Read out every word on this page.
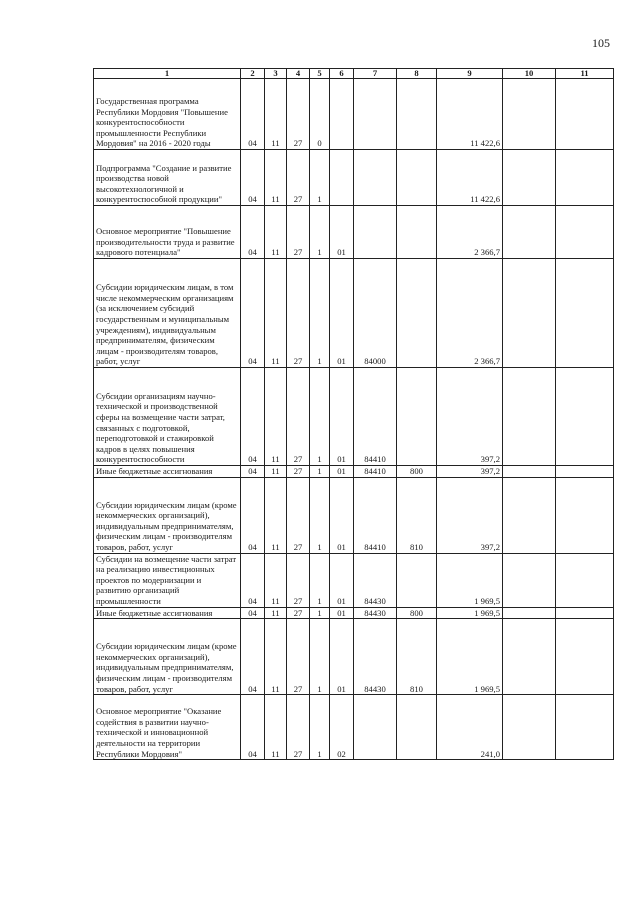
105
1	2	3	4	5	6	7	8	9	10	11
Государственная программа Республики Мордовия "Повышение конкурентоспособности промышленности Республики Мордовия" на 2016 - 2020 годы	04	11	27	0				11 422,6		
Подпрограмма "Создание и развитие производства новой высокотехнологичной и конкурентоспособной продукции"	04	11	27	1				11 422,6		
Основное мероприятие "Повышение производительности труда и развитие кадрового потенциала"	04	11	27	1	01			2 366,7		
Субсидии юридическим лицам, в том числе некоммерческим организациям (за исключением субсидий государственным и муниципальным учреждениям), индивидуальным предпринимателям, физическим лицам - производителям товаров, работ, услуг	04	11	27	1	01	84000		2 366,7		
Субсидии организациям научно-технической и производственной сферы на возмещение части затрат, связанных с подготовкой, переподготовкой и стажировкой кадров в целях повышения конкурентоспособности	04	11	27	1	01	84410		397,2		
Иные бюджетные ассигнования	04	11	27	1	01	84410	800	397,2		
Субсидии юридическим лицам (кроме некоммерческих организаций), индивидуальным предпринимателям, физическим лицам - производителям товаров, работ, услуг	04	11	27	1	01	84410	810	397,2		
Субсидии на возмещение части затрат на реализацию инвестиционных проектов по модернизации и развитию организаций промышленности	04	11	27	1	01	84430		1 969,5		
Иные бюджетные ассигнования	04	11	27	1	01	84430	800	1 969,5		
Субсидии юридическим лицам (кроме некоммерческих организаций), индивидуальным предпринимателям, физическим лицам - производителям товаров, работ, услуг	04	11	27	1	01	84430	810	1 969,5		
Основное мероприятие "Оказание содействия в развитии научно-технической и инновационной деятельности на территории Республики Мордовия"	04	11	27	1	02			241,0		
